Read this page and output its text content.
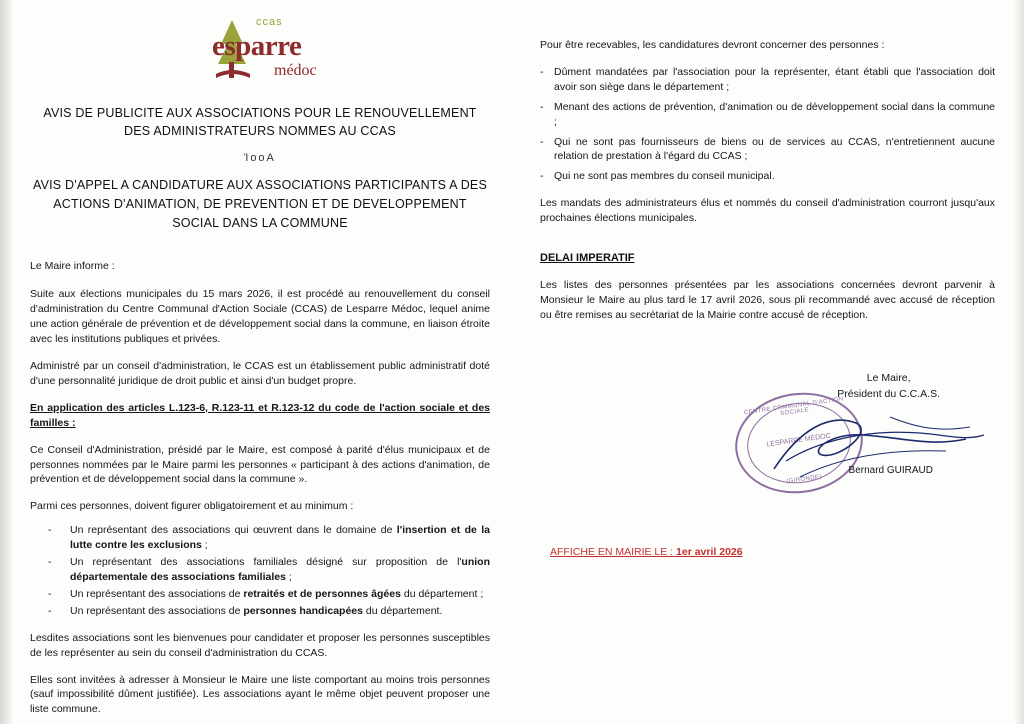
ccas
esparre
médoc
AVIS DE PUBLICITE AUX ASSOCIATIONS POUR LE RENOUVELLEMENT DES ADMINISTRATEURS NOMMES AU CCAS
ΊοοΑ
AVIS D'APPEL A CANDIDATURE AUX ASSOCIATIONS PARTICIPANTS A DES ACTIONS D'ANIMATION, DE PREVENTION ET DE DEVELOPPEMENT SOCIAL DANS LA COMMUNE
Le Maire informe :
Suite aux élections municipales du 15 mars 2026, il est procédé au renouvellement du conseil d'administration du Centre Communal d'Action Sociale (CCAS) de Lesparre Médoc, lequel anime une action générale de prévention et de développement social dans la commune, en liaison étroite avec les institutions publiques et privées.
Administré par un conseil d'administration, le CCAS est un établissement public administratif doté d'une personnalité juridique de droit public et ainsi d'un budget propre.
En application des articles L.123-6, R.123-11 et R.123-12 du code de l'action sociale et des familles :
Ce Conseil d'Administration, présidé par le Maire, est composé à parité d'élus municipaux et de personnes nommées par le Maire parmi les personnes « participant à des actions d'animation, de prévention et de développement social dans la commune ».
Parmi ces personnes, doivent figurer obligatoirement et au minimum :
- Un représentant des associations qui œuvrent dans le domaine de l'insertion et de la lutte contre les exclusions ;
- Un représentant des associations familiales désigné sur proposition de l'union départementale des associations familiales ;
- Un représentant des associations de retraités et de personnes âgées du département ;
- Un représentant des associations de personnes handicapées du département.
Lesdites associations sont les bienvenues pour candidater et proposer les personnes susceptibles de les représenter au sein du conseil d'administration du CCAS.
Elles sont invitées à adresser à Monsieur le Maire une liste comportant au moins trois personnes (sauf impossibilité dûment justifiée). Les associations ayant le même objet peuvent proposer une liste commune.
Pour être recevables, les candidatures devront concerner des personnes :
- Dûment mandatées par l'association pour la représenter, étant établi que l'association doit avoir son siège dans le département ;
- Menant des actions de prévention, d'animation ou de développement social dans la commune ;
- Qui ne sont pas fournisseurs de biens ou de services au CCAS, n'entretiennent aucune relation de prestation à l'égard du CCAS ;
- Qui ne sont pas membres du conseil municipal.
Les mandats des administrateurs élus et nommés du conseil d'administration courront jusqu'aux prochaines élections municipales.
DELAI IMPERATIF
Les listes des personnes présentées par les associations concernées devront parvenir à Monsieur le Maire au plus tard le 17 avril 2026, sous pli recommandé avec accusé de réception ou être remises au secrétariat de la Mairie contre accusé de réception.
Le Maire,
Président du C.C.A.S.
CENTRE COMMUNAL D'ACTION SOCIALE
LESPARRE MÉDOC
(GIRONDE)
Bernard GUIRAUD
AFFICHE EN MAIRIE LE : 1er avril 2026
